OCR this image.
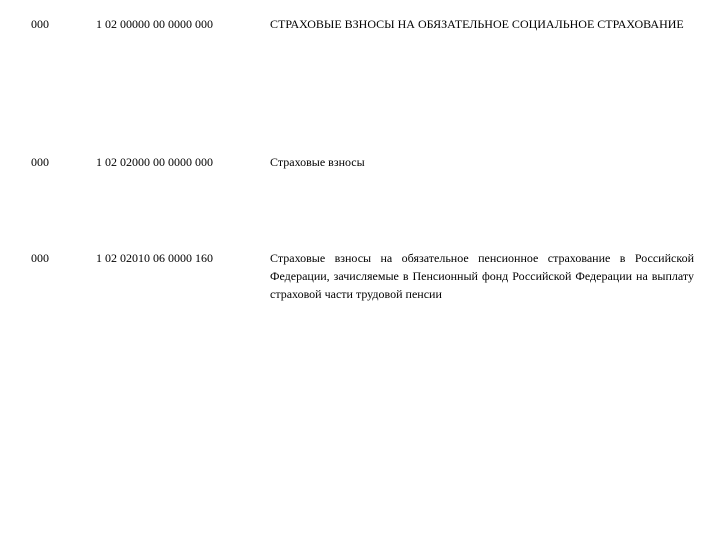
000	1 02 00000 00 0000 000	СТРАХОВЫЕ ВЗНОСЫ НА ОБЯЗАТЕЛЬНОЕ СОЦИАЛЬНОЕ СТРАХОВАНИЕ
000	1 02 02000 00 0000 000	Страховые взносы
000	1 02 02010 06 0000 160	Страховые взносы на обязательное пенсионное страхование в Российской Федерации, зачисляемые в Пенсионный фонд Российской Федерации на выплату страховой части трудовой пенсии
